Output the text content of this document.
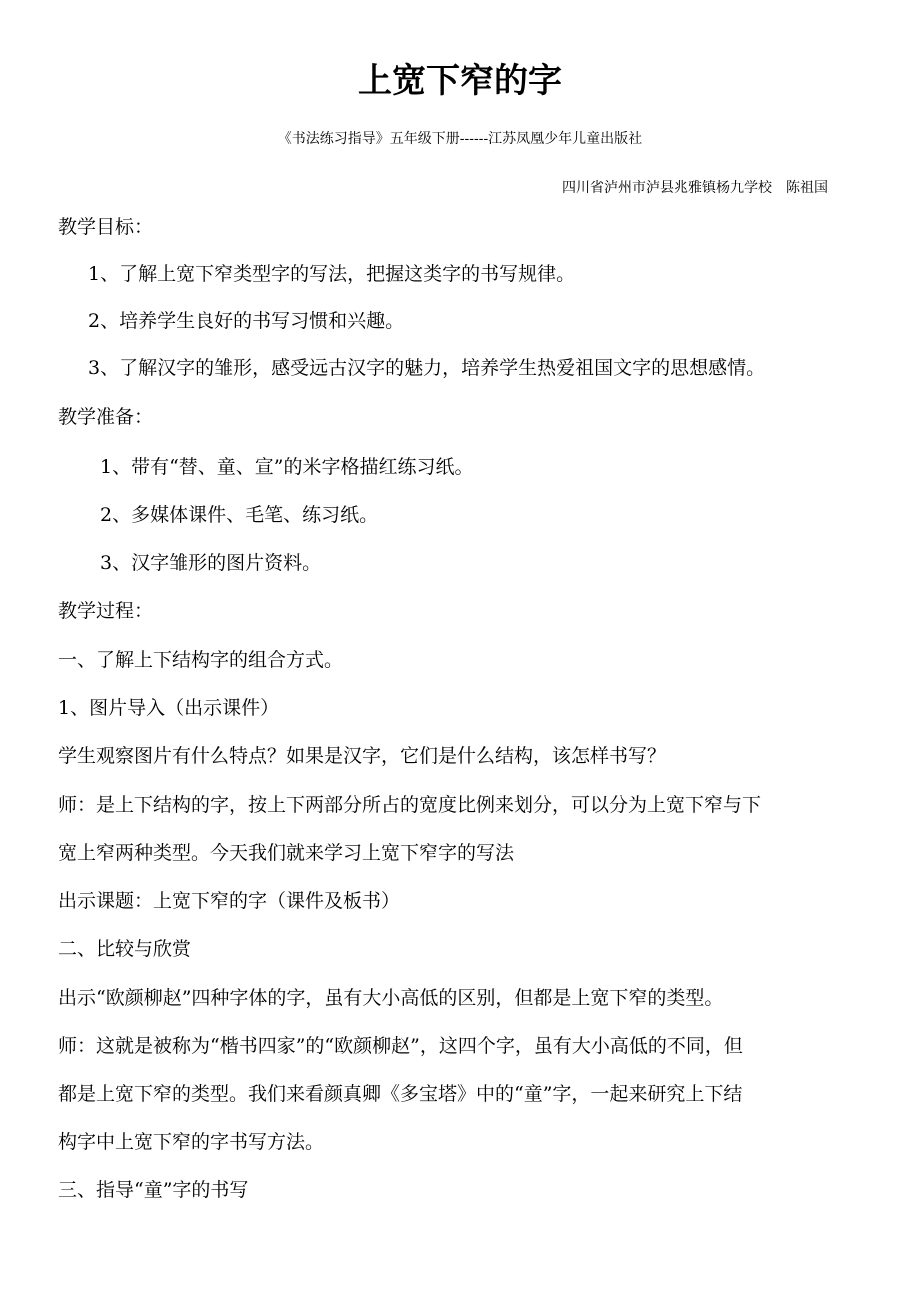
上宽下窄的字
《书法练习指导》五年级下册------江苏凤凰少年儿童出版社
四川省泸州市泸县兆雅镇杨九学校　陈祖国
教学目标：
1、了解上宽下窄类型字的写法，把握这类字的书写规律。
2、培养学生良好的书写习惯和兴趣。
3、了解汉字的雏形，感受远古汉字的魅力，培养学生热爱祖国文字的思想感情。
教学准备：
1、带有“替、童、宣”的米字格描红练习纸。
2、多媒体课件、毛笔、练习纸。
3、汉字雏形的图片资料。
教学过程：
一、了解上下结构字的组合方式。
1、图片导入（出示课件）
学生观察图片有什么特点？如果是汉字，它们是什么结构，该怎样书写？
师：是上下结构的字，按上下两部分所占的宽度比例来划分，可以分为上宽下窄与下
宽上窄两种类型。今天我们就来学习上宽下窄字的写法
出示课题：上宽下窄的字（课件及板书）
二、比较与欣赏
出示“欧颜柳赵”四种字体的字，虽有大小高低的区别，但都是上宽下窄的类型。
师：这就是被称为“楷书四家”的“欧颜柳赵”，这四个字，虽有大小高低的不同，但
都是上宽下窄的类型。我们来看颜真卿《多宝塔》中的“童”字，一起来研究上下结
构字中上宽下窄的字书写方法。
三、指导“童”字的书写
